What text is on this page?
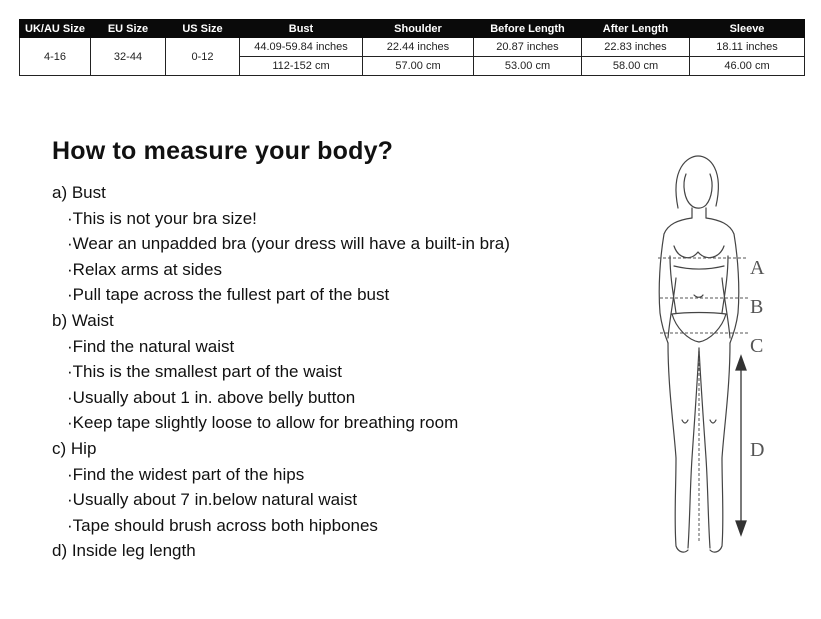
UK/AU Size	EU Size	US Size	Bust	Shoulder	Before Length	After Length	Sleeve
4-16	32-44	0-12	44.09-59.84 inches	22.44 inches	20.87 inches	22.83 inches	18.11 inches
			112-152 cm	57.00 cm	53.00 cm	58.00 cm	46.00 cm
How to measure your body?
a) Bust
· This is not your bra size!
· Wear an unpadded bra (your dress will have a built-in bra)
· Relax arms at sides
· Pull tape across the fullest part of the bust
b) Waist
· Find the natural waist
· This is the smallest part of the waist
· Usually about 1 in. above belly button
· Keep tape slightly loose to allow for breathing room
c) Hip
· Find the widest part of the hips
· Usually about 7 in.below natural waist
· Tape should brush across both hipbones
d) Inside leg length
A
B
C
D
